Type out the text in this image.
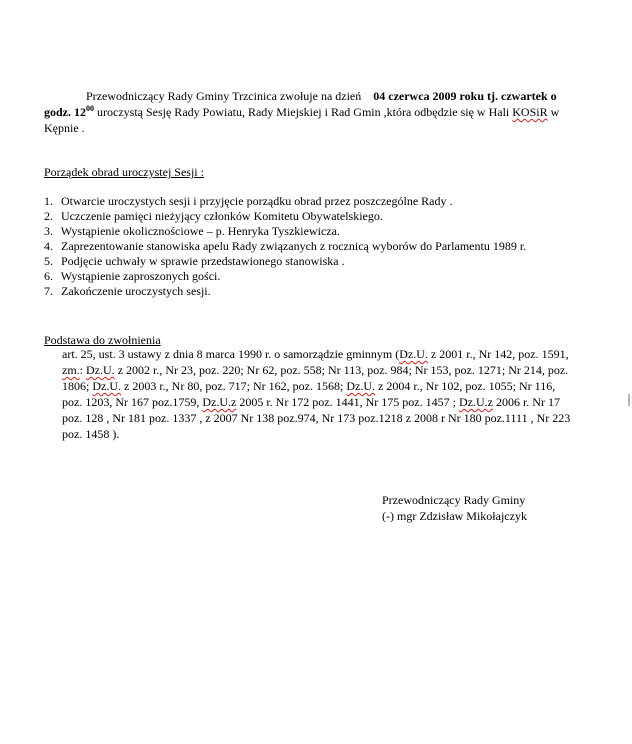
Przewodniczący Rady Gminy Trzcinica zwołuje na dzień 04 czerwca 2009 roku tj. czwartek o godz. $12^{00}$ uroczystą Sesję Rady Powiatu, Rady Miejskiej i Rad Gmin ,która odbędzie się w Hali KOSiR w Kępnie .
Porządek obrad uroczystej Sesji :
1. Otwarcie uroczystych sesji i przyjęcie porządku obrad przez poszczególne Rady .
2. Uczczenie pamięci nieżyjący członków Komitetu Obywatelskiego.
3. Wystąpienie okolicznościowe – p. Henryka Tyszkiewicza.
4. Zaprezentowanie stanowiska apelu Rady związanych z rocznicą wyborów do Parlamentu 1989 r.
5. Podjęcie uchwały w sprawie przedstawionego stanowiska .
6. Wystąpienie zaproszonych gości.
7. Zakończenie uroczystych sesji.
Podstawa do zwołnienia
art. 25, ust. 3 ustawy z dnia 8 marca 1990 r. o samorządzie gminnym (Dz.U. z 2001 r., Nr 142, poz. 1591, zm.: Dz.U. z 2002 r., Nr 23, poz. 220; Nr 62, poz. 558; Nr 113, poz. 984; Nr 153, poz. 1271; Nr 214, poz. 1806; Dz.U. z 2003 r., Nr 80, poz. 717; Nr 162, poz. 1568; Dz.U. z 2004 r., Nr 102, poz. 1055; Nr 116, poz. 1203, Nr 167 poz.1759, Dz.U.z 2005 r. Nr 172 poz. 1441, Nr 175 poz. 1457 ; Dz.U.z 2006 r. Nr 17 poz. 128 , Nr 181 poz. 1337 , z 2007 Nr 138 poz.974, Nr 173 poz.1218 z 2008 r Nr 180 poz.1111 , Nr 223 poz. 1458 ).
Przewodniczący Rady Gminy
(-) mgr Zdzisław Mikołajczyk
